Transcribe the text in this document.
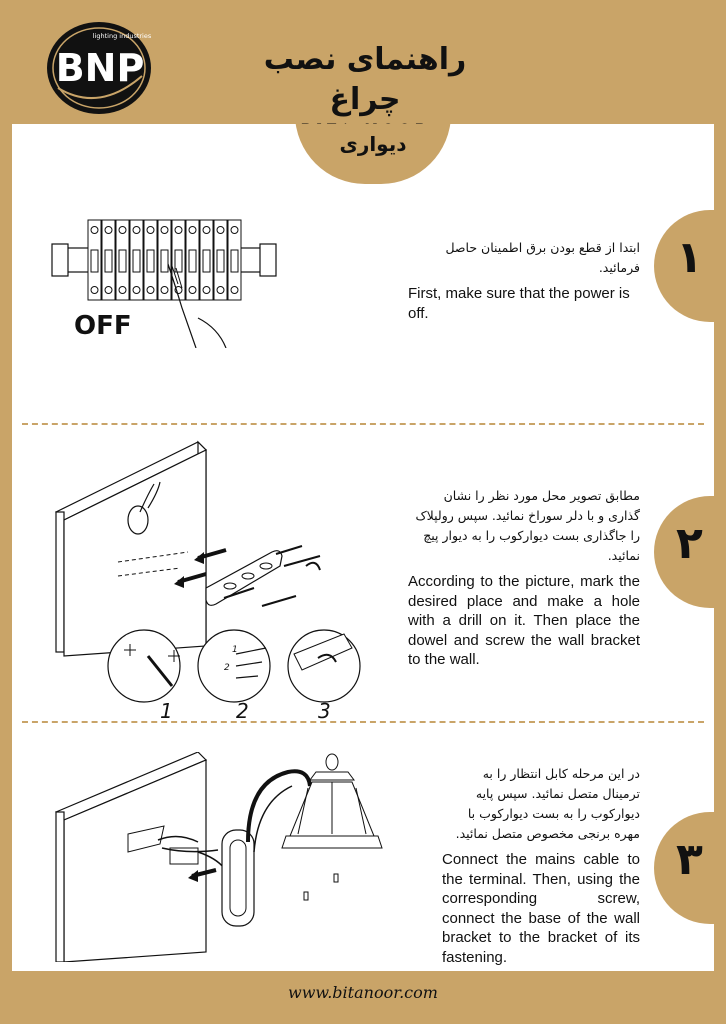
BNP
lighting industries
راهنمای نصب چراغ
دیواری
OFF
ابتدا از قطع بودن برق اطمینان حاصل فرمائید.
First, make sure that the power is off.
۱
1
2
1	2	3
مطابق تصویر محل مورد نظر را نشان گذاری و با دلر سوراخ نمائید. سپس رولپلاک را جاگذاری بست دیوارکوب را به دیوار پیچ نمائید.
According to the picture, mark the desired place and make a hole with a drill on it. Then place the dowel and screw the wall bracket to the wall.
۲
در این مرحله کابل انتظار را به ترمینال متصل نمائید. سپس پایه دیوارکوب را به بست دیوارکوب با مهره برنجی مخصوص متصل نمائید.
Connect the mains cable to the terminal. Then, using the corresponding screw, connect the base of the wall bracket to the bracket of its fastening.
۳
www.bitanoor.com
